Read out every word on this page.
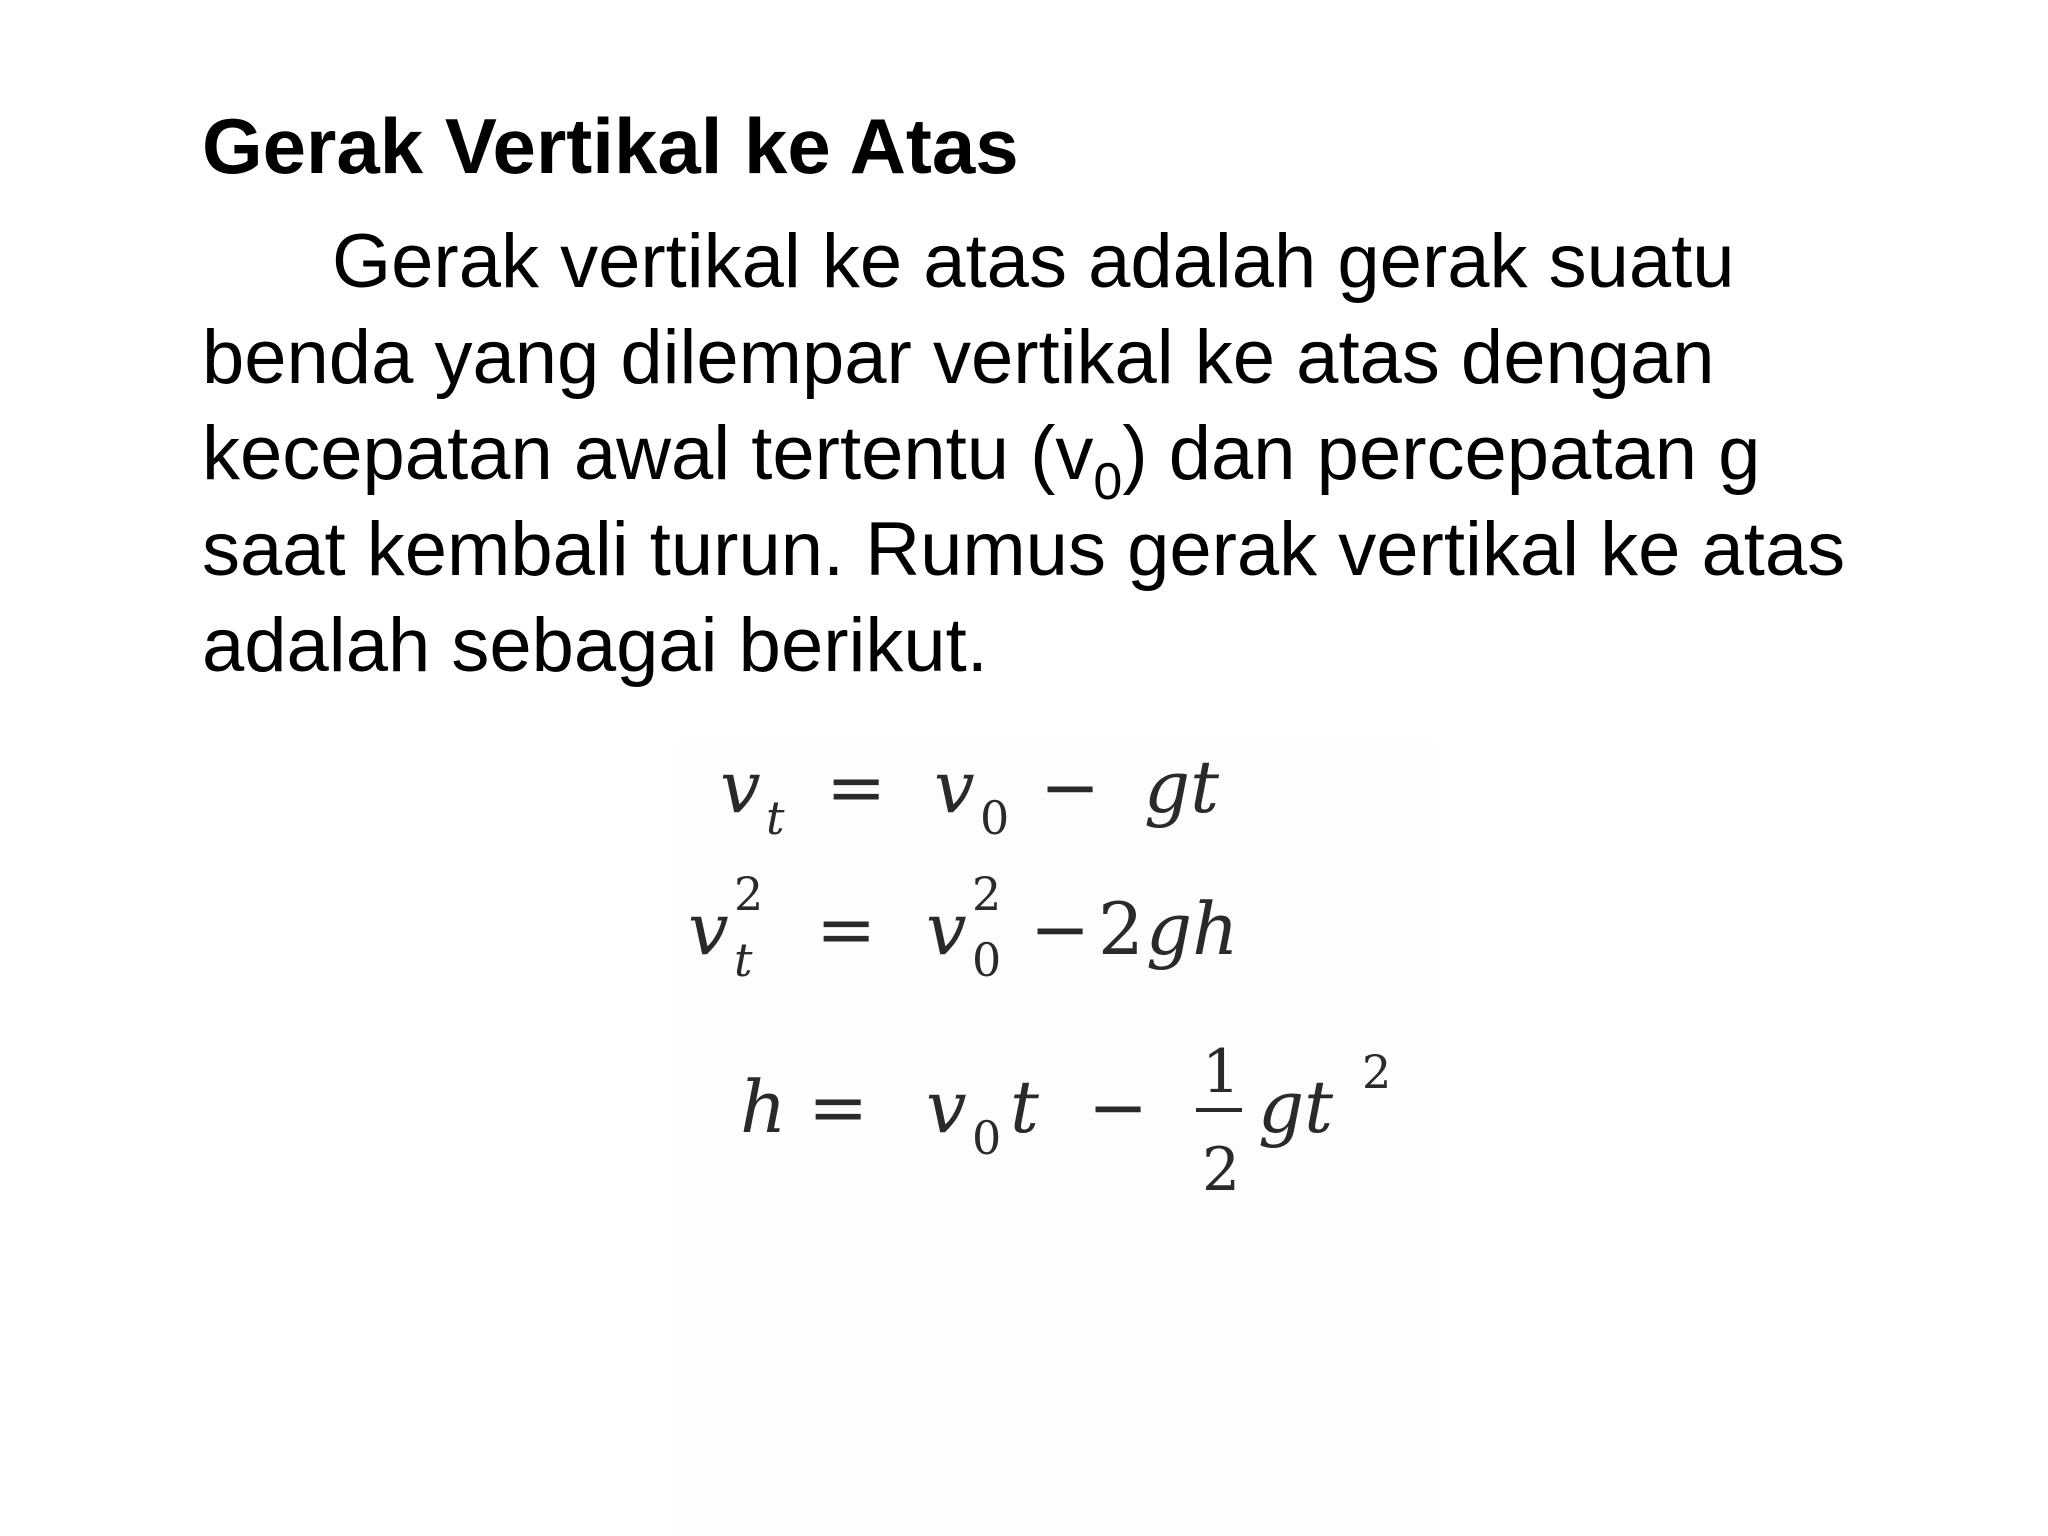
Gerak Vertikal ke Atas
Gerak vertikal ke atas adalah gerak suatu
benda yang dilempar vertikal ke atas dengan
kecepatan awal tertentu $(v_0)$ dan percepatan g
saat kembali turun. Rumus gerak vertikal ke atas
adalah sebagai berikut.
v t = v 0 − gt
v 2
t = v 2
0 − 2 gh
h = v 0 t − 1
2
gt 2
